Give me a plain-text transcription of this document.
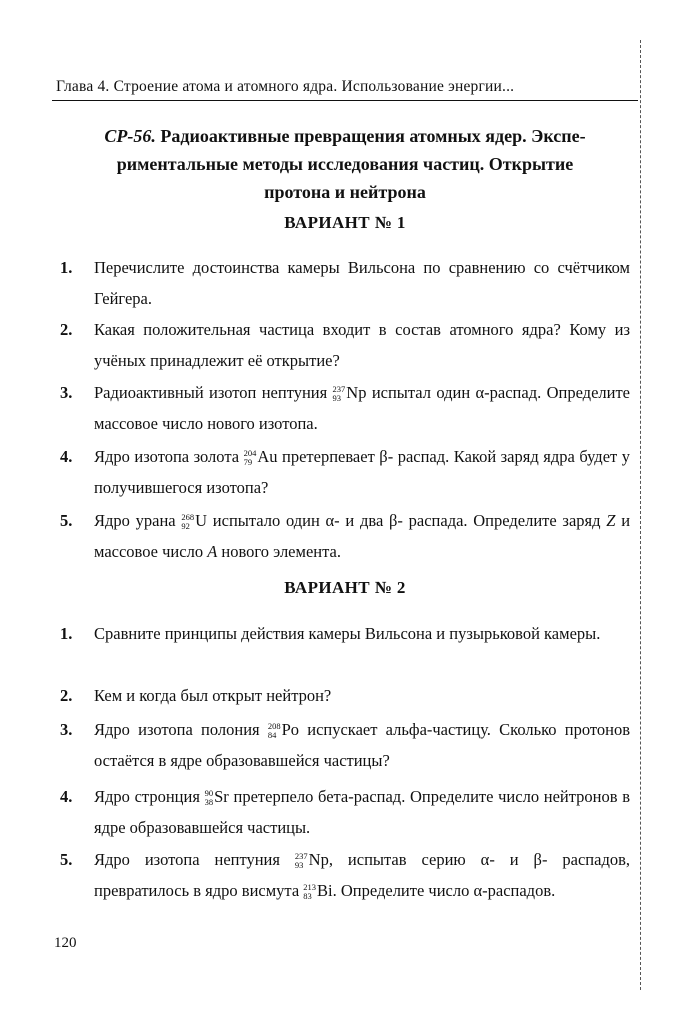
Глава 4. Строение атома и атомного ядра. Использование энергии...
СР-56. Радиоактивные превращения атомных ядер. Экспе-
риментальные методы исследования частиц. Открытие
протона и нейтрона
ВАРИАНТ № 1
1. Перечислите достоинства камеры Вильсона по сравнению со счётчиком Гейгера.
2. Какая положительная частица входит в состав атомного ядра? Кому из учёных принадлежит её открытие?
3. Радиоактивный изотоп нептуния 237
93 Np испытал один α-распад. Определите массовое число нового изотопа.
4. Ядро изотопа золота 204
79 Au претерпевает β- распад. Какой заряд ядра будет у получившегося изотопа?
5. Ядро урана 268
92 U испытало один α- и два β- распада. Определите заряд Z и массовое число A нового элемента.
ВАРИАНТ № 2
1. Сравните принципы действия камеры Вильсона и пузырьковой камеры.
2. Кем и когда был открыт нейтрон?
3. Ядро изотопа полония 208
84 Po испускает альфа-частицу. Сколько протонов остаётся в ядре образовавшейся частицы?
4. Ядро стронция 90
38 Sr претерпело бета-распад. Определите число нейтронов в ядре образовавшейся частицы.
5. Ядро изотопа нептуния 237
93 Np, испытав серию α- и β- распадов, превратилось в ядро висмута 213
83 Bi. Определите число α-распадов.
120
